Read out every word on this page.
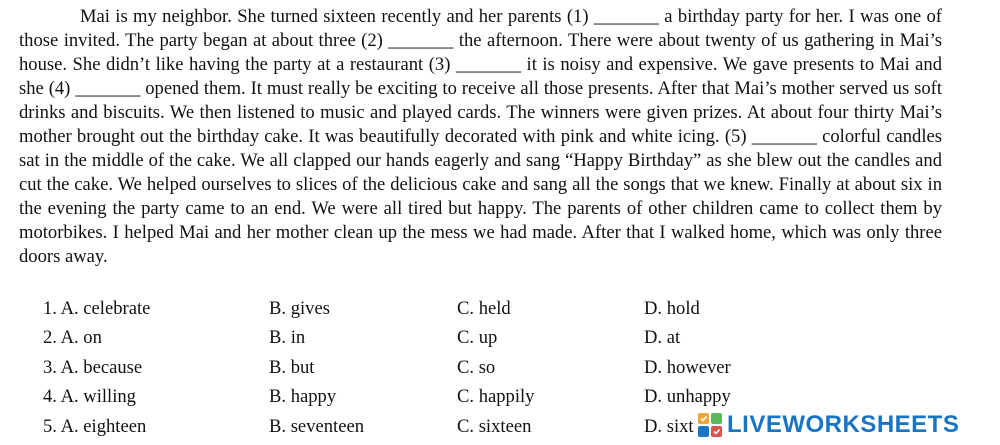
Mai is my neighbor. She turned sixteen recently and her parents (1) _______ a birthday party for her. I was one of those invited. The party began at about three (2) _______ the afternoon. There were about twenty of us gathering in Mai’s house. She didn’t like having the party at a restaurant (3) _______ it is noisy and expensive. We gave presents to Mai and she (4) _______ opened them. It must really be exciting to receive all those presents. After that Mai’s mother served us soft drinks and biscuits. We then listened to music and played cards. The winners were given prizes. At about four thirty Mai’s mother brought out the birthday cake. It was beautifully decorated with pink and white icing. (5) _______ colorful candles sat in the middle of the cake. We all clapped our hands eagerly and sang “Happy Birthday” as she blew out the candles and cut the cake. We helped ourselves to slices of the delicious cake and sang all the songs that we knew. Finally at about six in the evening the party came to an end. We were all tired but happy. The parents of other children came to collect them by motorbikes. I helped Mai and her mother clean up the mess we had made. After that I walked home, which was only three doors away.

1. A. celebrate	B. gives	C. held	D. hold
2. A. on	B. in	C. up	D. at
3. A. because	B. but	C. so	D. however
4. A. willing	B. happy	C. happily	D. unhappy
5. A. eighteen	B. seventeen	C. sixteen	D. sixt LIVEWORKSHEETS
